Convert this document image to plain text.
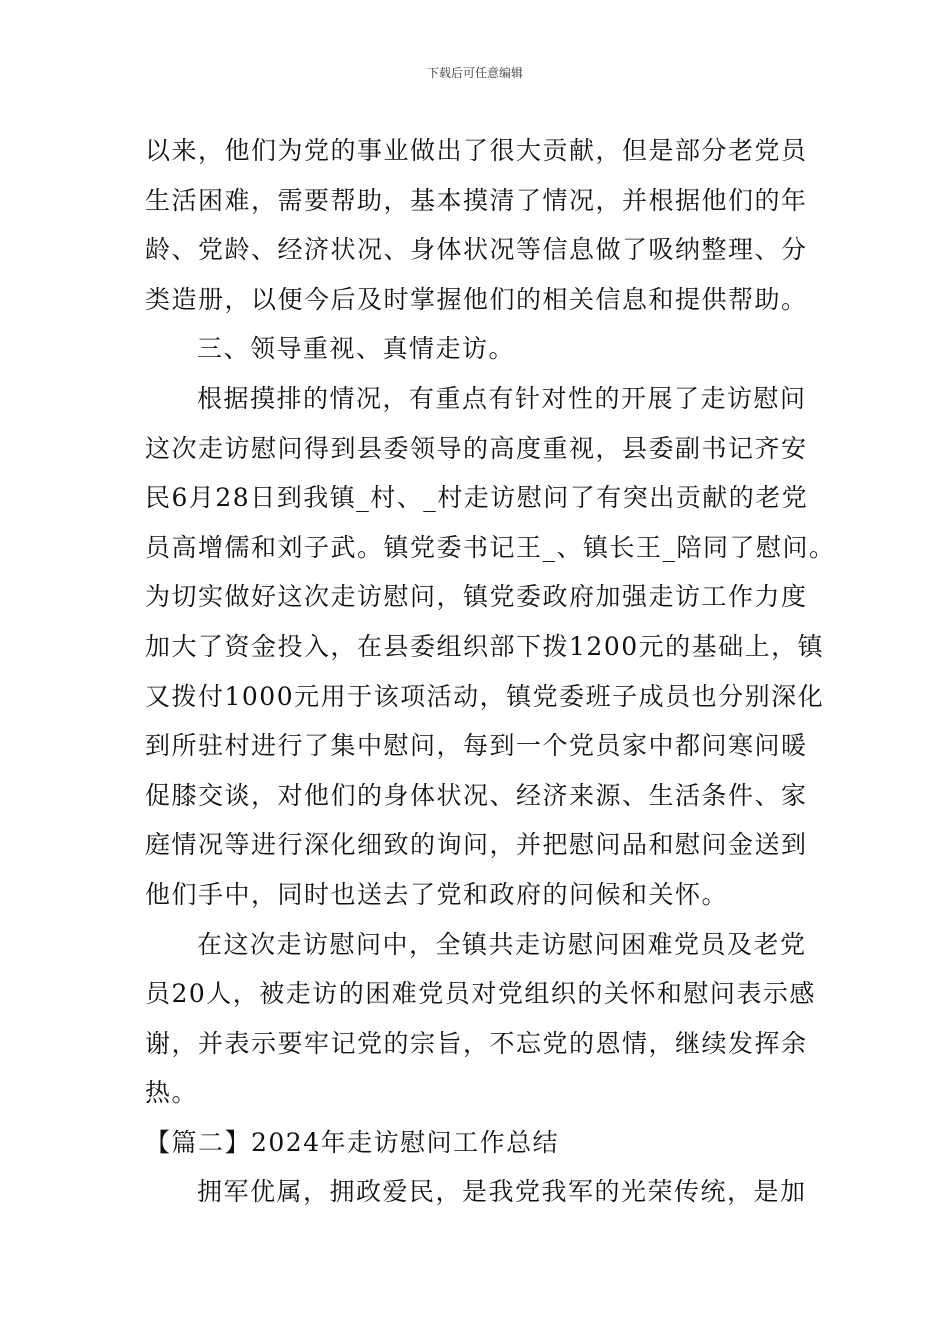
下载后可任意编辑
以来，他们为党的事业做出了很大贡献，但是部分老党员
生活困难，需要帮助，基本摸清了情况，并根据他们的年
龄、党龄、经济状况、身体状况等信息做了吸纳整理、分
类造册，以便今后及时掌握他们的相关信息和提供帮助。
三、领导重视、真情走访。
根据摸排的情况，有重点有针对性的开展了走访慰问
这次走访慰问得到县委领导的高度重视，县委副书记齐安
民6月28日到我镇_村、_村走访慰问了有突出贡献的老党
员高增儒和刘子武。镇党委书记王_、镇长王_陪同了慰问。
为切实做好这次走访慰问，镇党委政府加强走访工作力度
加大了资金投入，在县委组织部下拨1200元的基础上，镇
又拨付1000元用于该项活动，镇党委班子成员也分别深化
到所驻村进行了集中慰问，每到一个党员家中都问寒问暖
促膝交谈，对他们的身体状况、经济来源、生活条件、家
庭情况等进行深化细致的询问，并把慰问品和慰问金送到
他们手中，同时也送去了党和政府的问候和关怀。
在这次走访慰问中，全镇共走访慰问困难党员及老党
员20人，被走访的困难党员对党组织的关怀和慰问表示感
谢，并表示要牢记党的宗旨，不忘党的恩情，继续发挥余
热。
【篇二】2024年走访慰问工作总结
拥军优属，拥政爱民，是我党我军的光荣传统，是加
